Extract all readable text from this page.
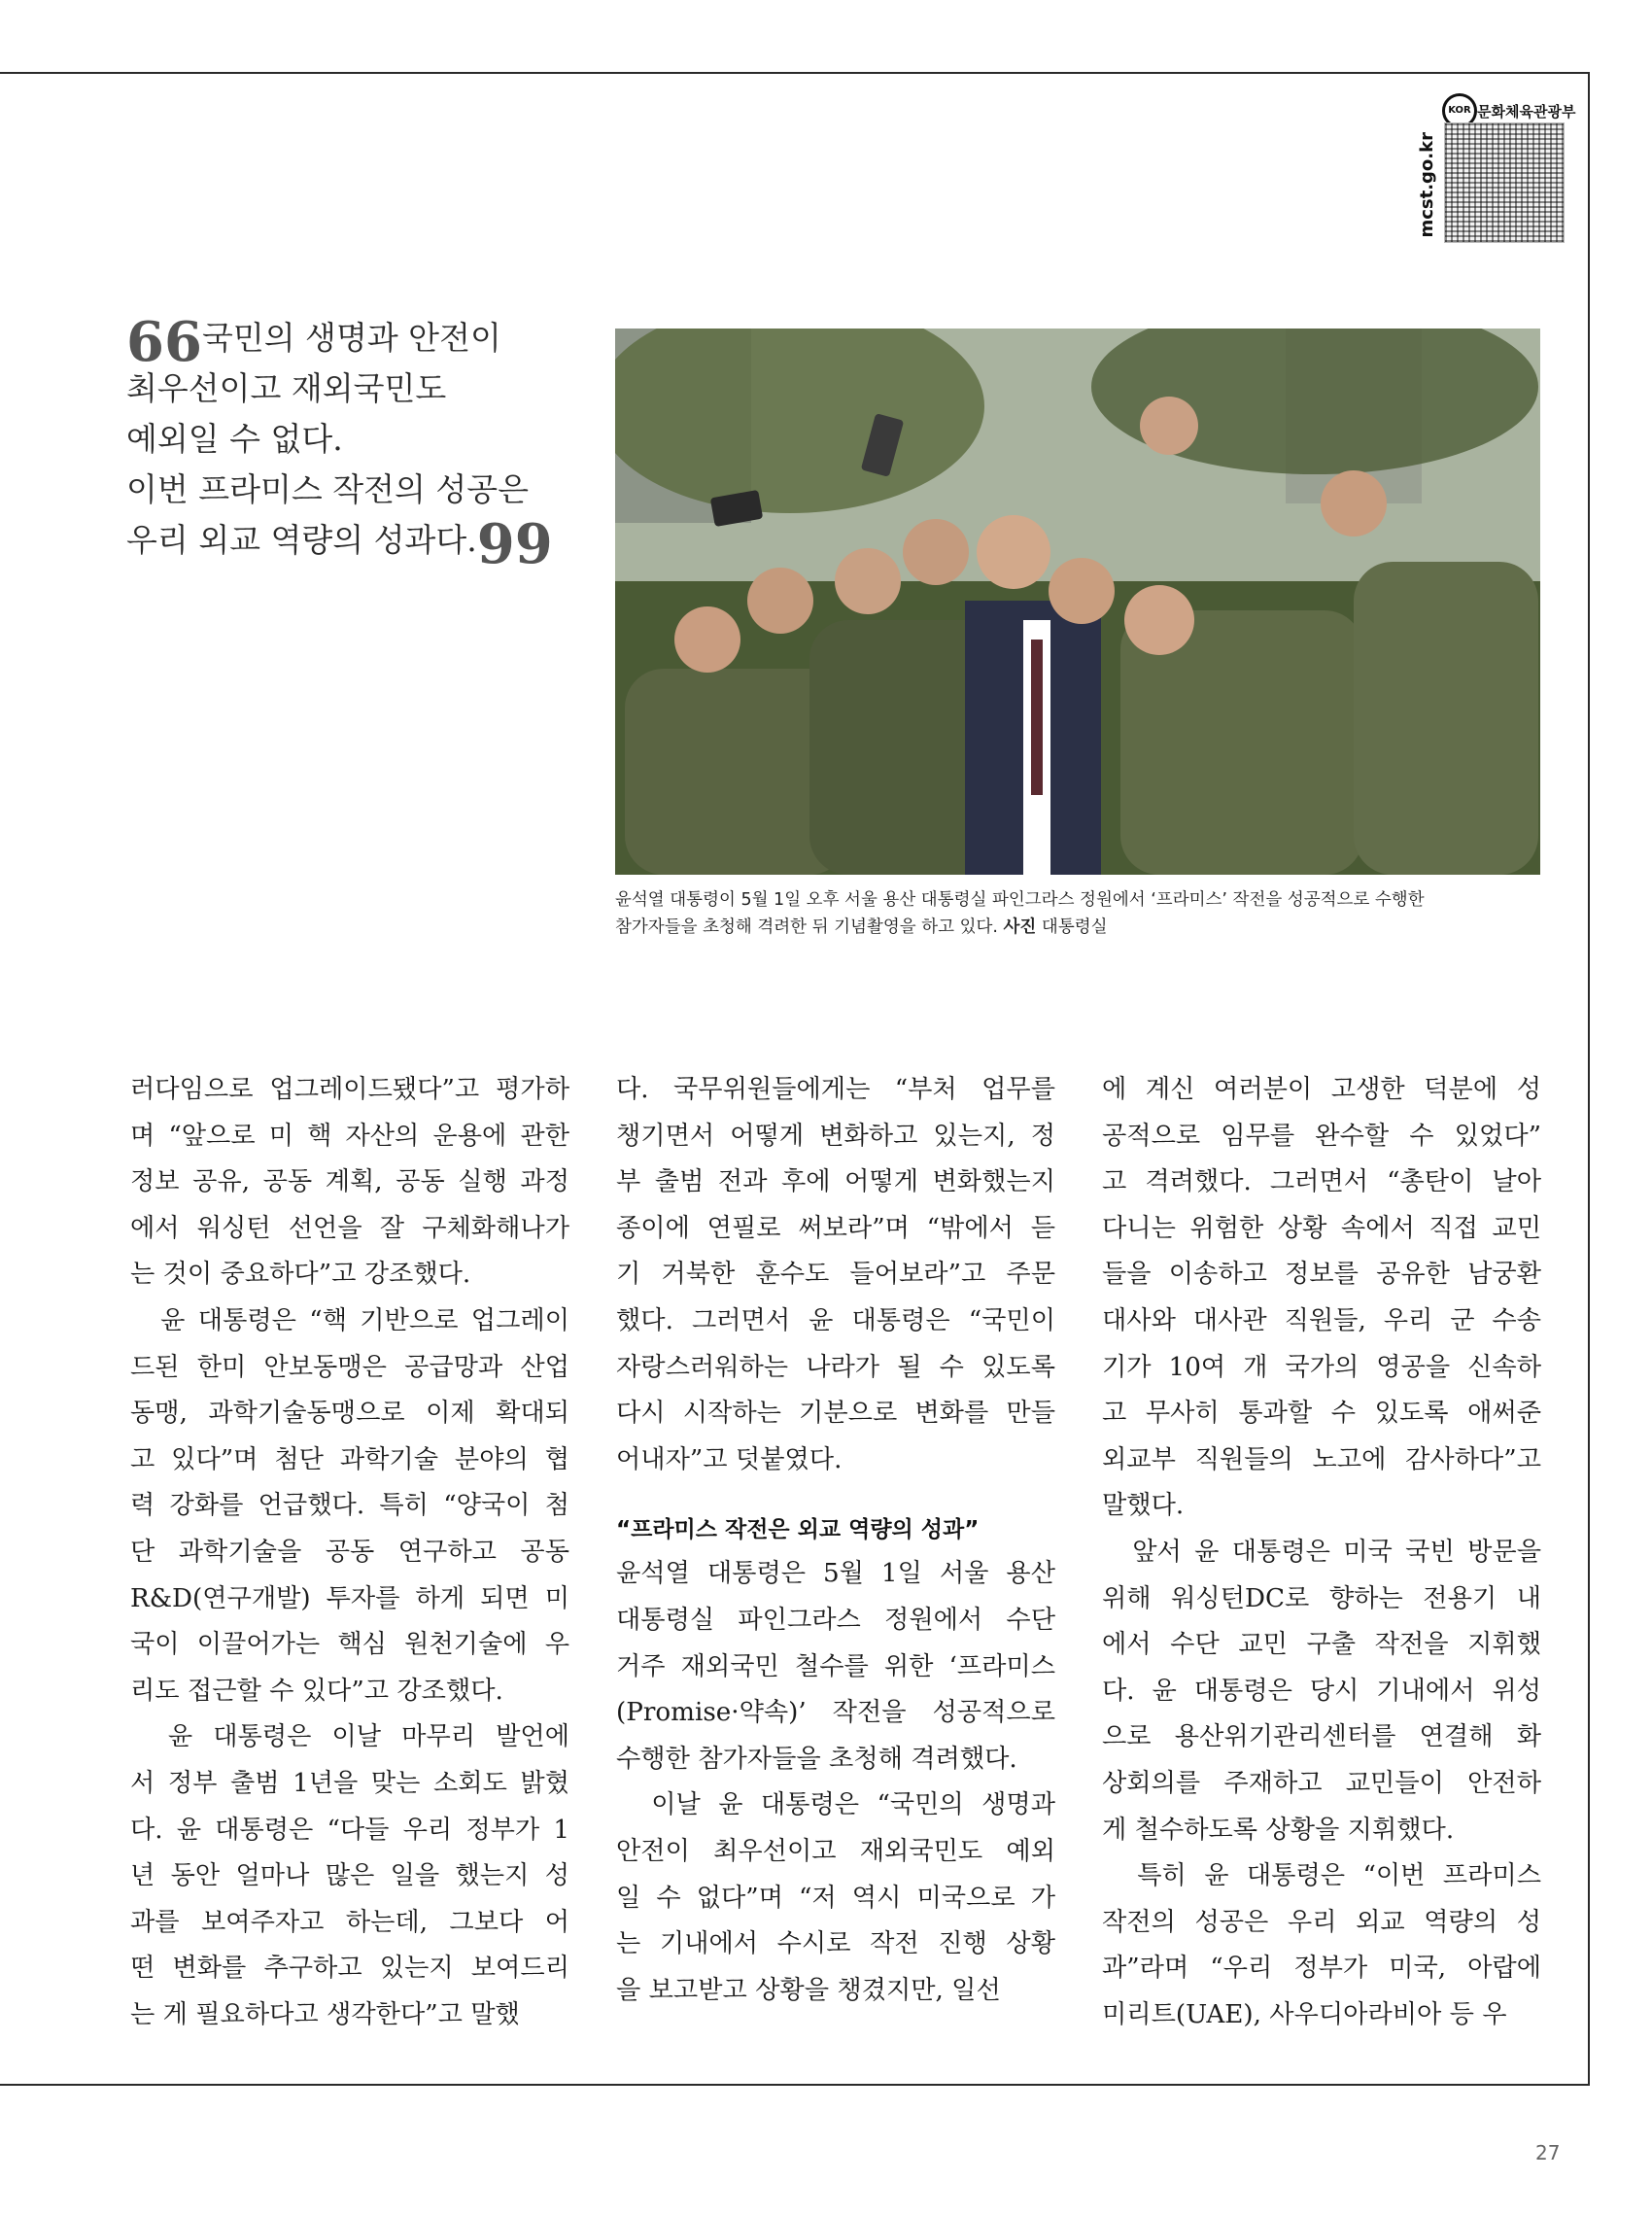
KOR 문화체육관광부
mcst.go.kr
66국민의 생명과 안전이
최우선이고 재외국민도
예외일 수 없다.
이번 프라미스 작전의 성공은
우리 외교 역량의 성과다.99
윤석열 대통령이 5월 1일 오후 서울 용산 대통령실 파인그라스 정원에서 ‘프라미스’ 작전을 성공적으로 수행한
참가자들을 초청해 격려한 뒤 기념촬영을 하고 있다. 사진 대통령실
러다임으로 업그레이드됐다”고 평가하
며 “앞으로 미 핵 자산의 운용에 관한
정보 공유, 공동 계획, 공동 실행 과정
에서 워싱턴 선언을 잘 구체화해나가
는 것이 중요하다”고 강조했다.
　윤 대통령은 “핵 기반으로 업그레이
드된 한미 안보동맹은 공급망과 산업
동맹, 과학기술동맹으로 이제 확대되
고 있다”며 첨단 과학기술 분야의 협
력 강화를 언급했다. 특히 “양국이 첨
단 과학기술을 공동 연구하고 공동
R&D(연구개발) 투자를 하게 되면 미
국이 이끌어가는 핵심 원천기술에 우
리도 접근할 수 있다”고 강조했다.
　윤 대통령은 이날 마무리 발언에
서 정부 출범 1년을 맞는 소회도 밝혔
다. 윤 대통령은 “다들 우리 정부가 1
년 동안 얼마나 많은 일을 했는지 성
과를 보여주자고 하는데, 그보다 어
떤 변화를 추구하고 있는지 보여드리
는 게 필요하다고 생각한다”고 말했
다. 국무위원들에게는 “부처 업무를
챙기면서 어떻게 변화하고 있는지, 정
부 출범 전과 후에 어떻게 변화했는지
종이에 연필로 써보라”며 “밖에서 듣
기 거북한 훈수도 들어보라”고 주문
했다. 그러면서 윤 대통령은 “국민이
자랑스러워하는 나라가 될 수 있도록
다시 시작하는 기분으로 변화를 만들
어내자”고 덧붙였다.
“프라미스 작전은 외교 역량의 성과”
윤석열 대통령은 5월 1일 서울 용산
대통령실 파인그라스 정원에서 수단
거주 재외국민 철수를 위한 ‘프라미스
(Promise·약속)’ 작전을 성공적으로
수행한 참가자들을 초청해 격려했다.
　이날 윤 대통령은 “국민의 생명과
안전이 최우선이고 재외국민도 예외
일 수 없다”며 “저 역시 미국으로 가
는 기내에서 수시로 작전 진행 상황
을 보고받고 상황을 챙겼지만, 일선
에 계신 여러분이 고생한 덕분에 성
공적으로 임무를 완수할 수 있었다”
고 격려했다. 그러면서 “총탄이 날아
다니는 위험한 상황 속에서 직접 교민
들을 이송하고 정보를 공유한 남궁환
대사와 대사관 직원들, 우리 군 수송
기가 10여 개 국가의 영공을 신속하
고 무사히 통과할 수 있도록 애써준
외교부 직원들의 노고에 감사하다”고
말했다.
　앞서 윤 대통령은 미국 국빈 방문을
위해 워싱턴DC로 향하는 전용기 내
에서 수단 교민 구출 작전을 지휘했
다. 윤 대통령은 당시 기내에서 위성
으로 용산위기관리센터를 연결해 화
상회의를 주재하고 교민들이 안전하
게 철수하도록 상황을 지휘했다.
　특히 윤 대통령은 “이번 프라미스
작전의 성공은 우리 외교 역량의 성
과”라며 “우리 정부가 미국, 아랍에
미리트(UAE), 사우디아라비아 등 우
27
